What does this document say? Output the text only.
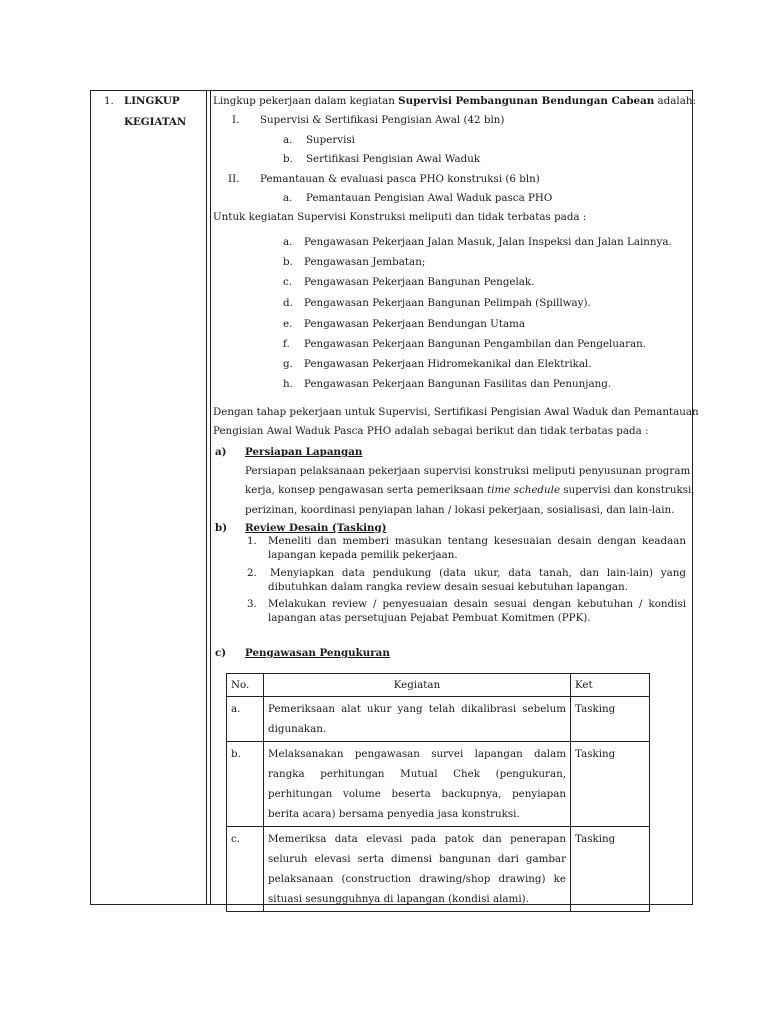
1. LINGKUP
KEGIATAN
Lingkup pekerjaan dalam kegiatan Supervisi Pembangunan Bendungan Cabean adalah:
I. Supervisi & Sertifikasi Pengisian Awal (42 bln)
a. Supervisi
b. Sertifikasi Pengisian Awal Waduk
II. Pemantauan & evaluasi pasca PHO konstruksi (6 bln)
a. Pemantauan Pengisian Awal Waduk pasca PHO
Untuk kegiatan Supervisi Konstruksi meliputi dan tidak terbatas pada :
a. Pengawasan Pekerjaan Jalan Masuk, Jalan Inspeksi dan Jalan Lainnya.
b. Pengawasan Jembatan;
c. Pengawasan Pekerjaan Bangunan Pengelak.
d. Pengawasan Pekerjaan Bangunan Pelimpah (Spillway).
e. Pengawasan Pekerjaan Bendungan Utama
f. Pengawasan Pekerjaan Bangunan Pengambilan dan Pengeluaran.
g. Pengawasan Pekerjaan Hidromekanikal dan Elektrikal.
h. Pengawasan Pekerjaan Bangunan Fasilitas dan Penunjang.
Dengan tahap pekerjaan untuk Supervisi, Sertifikasi Pengisian Awal Waduk dan Pemantauan
Pengisian Awal Waduk Pasca PHO adalah sebagai berikut dan tidak terbatas pada :
a) Persiapan Lapangan
Persiapan pelaksanaan pekerjaan supervisi konstruksi meliputi penyusunan program
kerja, konsep pengawasan serta pemeriksaan time schedule supervisi dan konstruksi,
perizinan, koordinasi penyiapan lahan / lokasi pekerjaan, sosialisasi, dan lain-lain.
b) Review Desain (Tasking)
1. Meneliti dan memberi masukan tentang kesesuaian desain dengan keadaan
lapangan kepada pemilik pekerjaan.
2. Menyiapkan data pendukung (data ukur, data tanah, dan lain-lain) yang
dibutuhkan dalam rangka review desain sesuai kebutuhan lapangan.
3. Melakukan review / penyesuaian desain sesuai dengan kebutuhan / kondisi
lapangan atas persetujuan Pejabat Pembuat Komitmen (PPK).
c) Pengawasan Pengukuran
No.	Kegiatan	Ket
a.	Pemeriksaan alat ukur yang telah dikalibrasi sebelum digunakan.	Tasking
b.	Melaksanakan pengawasan survei lapangan dalam rangka perhitungan Mutual Chek (pengukuran, perhitungan volume beserta backupnya, penyiapan berita acara) bersama penyedia jasa konstruksi.	Tasking
c.	Memeriksa data elevasi pada patok dan penerapan seluruh elevasi serta dimensi bangunan dari gambar pelaksanaan (construction drawing/shop drawing) ke situasi sesungguhnya di lapangan (kondisi alami).	Tasking
